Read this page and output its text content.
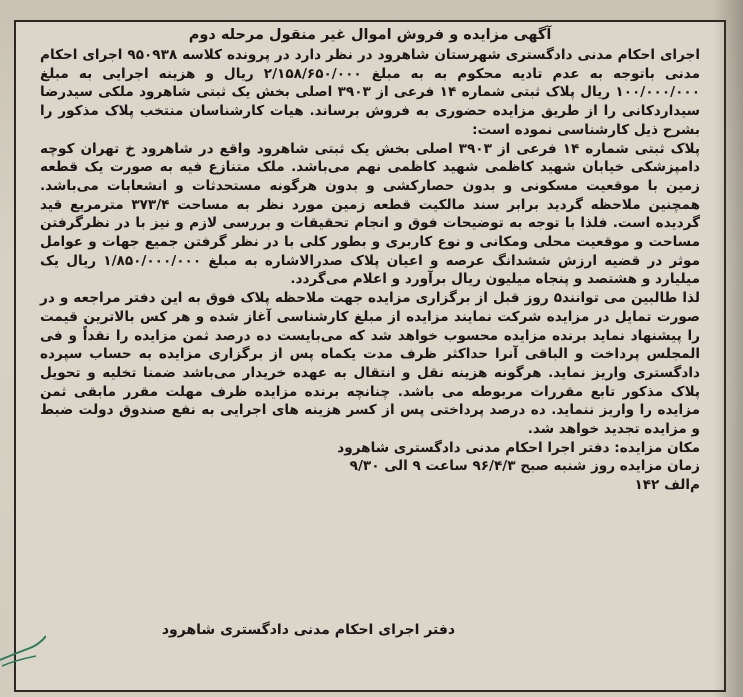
آگهی مزایده و فروش اموال غیر منقول مرحله دوم

اجرای احکام مدنی دادگستری شهرستان شاهرود در نظر دارد در پرونده کلاسه ۹۵۰۹۳۸ اجرای احکام مدنی باتوجه به عدم تادیه محکوم به به مبلغ ۲/۱۵۸/۶۵۰/۰۰۰ ریال و هزینه اجرایی به مبلغ ۱۰۰/۰۰۰/۰۰۰ ریال پلاک ثبتی شماره ۱۴ فرعی از ۳۹۰۳ اصلی بخش یک ثبتی شاهرود ملکی سیدرضا سیداردکانی را از طریق مزایده حضوری به فروش برساند. هیات کارشناسان منتخب پلاک مذکور را بشرح ذیل کارشناسی نموده است:

پلاک ثبتی شماره ۱۴ فرعی از ۳۹۰۳ اصلی بخش یک ثبتی شاهرود واقع در شاهرود خ تهران کوچه دامپزشکی خیابان شهید کاظمی شهید کاظمی نهم می‌باشد. ملک متنازع فیه به صورت یک قطعه زمین با موقعیت مسکونی و بدون حصارکشی و بدون هرگونه مستحدثات و انشعابات می‌باشد. همچنین ملاحظه گردید برابر سند مالکیت قطعه زمین مورد نظر به مساحت ۳۷۳/۴ مترمربع قید گردیده است. فلذا با توجه به توضیحات فوق و انجام تحقیقات و بررسی لازم و نیز با در نظرگرفتن مساحت و موقعیت محلی ومکانی و نوع کاربری و بطور کلی با در نظر گرفتن جمیع جهات و عوامل موثر در قضیه ارزش ششدانگ عرصه و اعیان پلاک صدرالاشاره به مبلغ ۱/۸۵۰/۰۰۰/۰۰۰ ریال یک میلیارد و هشتصد و پنجاه میلیون ریال برآورد و اعلام می‌گردد.

لذا طالبین می توانند۵ روز قبل از برگزاری مزایده جهت ملاحظه پلاک فوق به این دفتر مراجعه و در صورت تمایل در مزایده شرکت نمایند مزایده از مبلغ کارشناسی آغاز شده و هر کس بالاترین قیمت را پیشنهاد نماید برنده مزایده محسوب خواهد شد که می‌بایست ده درصد ثمن مزایده را نقداً و فی المجلس پرداخت و الباقی آنرا حداکثر ظرف مدت یکماه پس از برگزاری مزایده به حساب سپرده دادگستری واریز نماید. هرگونه هزینه نقل و انتقال به عهده خریدار می‌باشد ضمنا تخلیه و تحویل پلاک مذکور تابع مقررات مربوطه می باشد. چنانچه برنده مزایده ظرف مهلت مقرر مابقی ثمن مزایده را واریز ننماید. ده درصد پرداختی پس از کسر هزینه های اجرایی به نفع صندوق دولت ضبط و مزایده تجدید خواهد شد.

مکان مزایده: دفتر اجرا احکام مدنی دادگستری شاهرود
زمان مزایده روز شنبه صبح ۹۶/۴/۳ ساعت ۹ الی ۹/۳۰
م‌الف ۱۴۲
دفتر اجرای احکام مدنی دادگستری شاهرود
